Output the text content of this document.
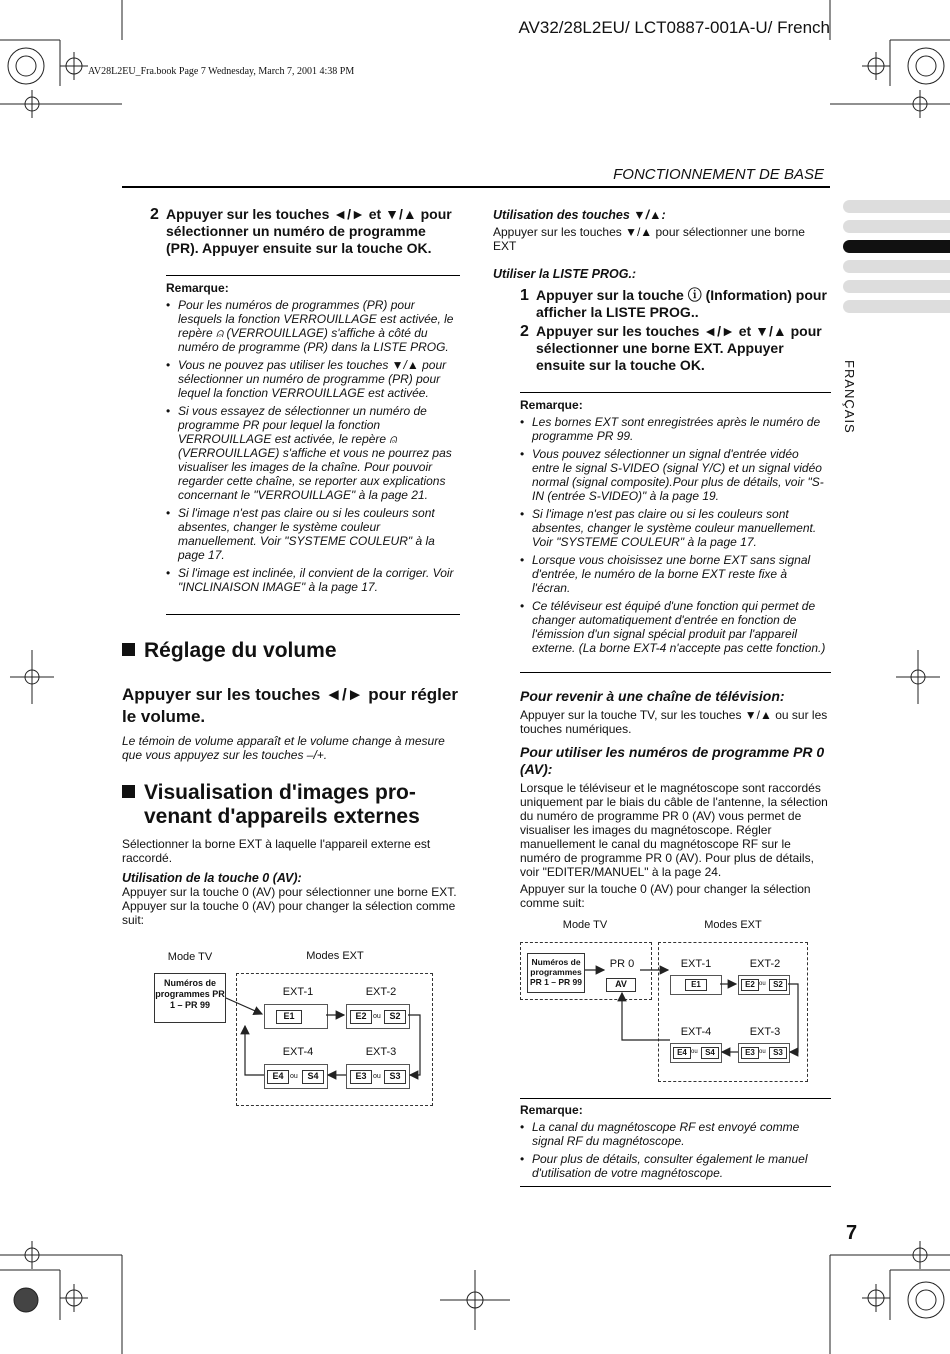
AV32/28L2EU/ LCT0887-001A-U/ French
AV28L2EU_Fra.book Page 7 Wednesday, March 7, 2001 4:38 PM
FONCTIONNEMENT DE BASE
FRANÇAIS
2 Appuyer sur les touches ◄/► et ▼/▲ pour sélectionner un numéro de programme (PR). Appuyer ensuite sur la touche OK.
Remarque:
• Pour les numéros de programmes (PR) pour lesquels la fonction VERROUILLAGE est activée, le repère ⍝ (VERROUILLAGE) s'affiche à côté du numéro de programme (PR) dans la LISTE PROG.
• Vous ne pouvez pas utiliser les touches ▼/▲ pour sélectionner un numéro de programme (PR) pour lequel la fonction VERROUILLAGE est activée.
• Si vous essayez de sélectionner un numéro de programme PR pour lequel la fonction VERROUILLAGE est activée, le repère ⍝ (VERROUILLAGE) s'affiche et vous ne pourrez pas visualiser les images de la chaîne. Pour pouvoir regarder cette chaîne, se reporter aux explications concernant le "VERROUILLAGE" à la page 21.
• Si l'image n'est pas claire ou si les couleurs sont absentes, changer le système couleur manuellement. Voir "SYSTEME COULEUR" à la page 17.
• Si l'image est inclinée, il convient de la corriger. Voir "INCLINAISON IMAGE" à la page 17.
Réglage du volume
Appuyer sur les touches ◄/► pour régler le volume.
Le témoin de volume apparaît et le volume change à mesure que vous appuyez sur les touches –/+.
Visualisation d'images pro-
venant d'appareils externes
Sélectionner la borne EXT à laquelle l'appareil externe est raccordé.
Utilisation de la touche 0 (AV):
Appuyer sur la touche 0 (AV) pour sélectionner une borne EXT.
Appuyer sur la touche 0 (AV) pour changer la sélection comme suit:
Mode TV	Modes EXT
Numéros de programmes PR 1 – PR 99
EXT-1	EXT-2
E1	E2 ou S2
EXT-4	EXT-3
E4 ou	S4	E3 ou S3
Utilisation des touches ▼/▲:
Appuyer sur les touches ▼/▲ pour sélectionner une borne EXT
Utiliser la LISTE PROG.:
1 Appuyer sur la touche ⓘ (Information) pour afficher la LISTE PROG..
2 Appuyer sur les touches ◄/► et ▼/▲ pour sélectionner une borne EXT. Appuyer ensuite sur la touche OK.
Remarque:
• Les bornes EXT sont enregistrées après le numéro de programme PR 99.
• Vous pouvez sélectionner un signal d'entrée vidéo entre le signal S-VIDEO (signal Y/C) et un signal vidéo normal (signal composite).Pour plus de détails, voir "S-IN (entrée S-VIDEO)" à la page 19.
• Si l'image n'est pas claire ou si les couleurs sont absentes, changer le système couleur manuellement. Voir "SYSTEME COULEUR" à la page 17.
• Lorsque vous choisissez une borne EXT sans signal d'entrée, le numéro de la borne EXT reste fixe à l'écran.
• Ce téléviseur est équipé d'une fonction qui permet de changer automatiquement d'entrée en fonction de l'émission d'un signal spécial produit par l'appareil externe. (La borne EXT-4 n'accepte pas cette fonction.)
Pour revenir à une chaîne de télévision:
Appuyer sur la touche TV, sur les touches ▼/▲ ou sur les touches numériques.
Pour utiliser les numéros de programme PR 0 (AV):
Lorsque le téléviseur et le magnétoscope sont raccordés uniquement par le biais du câble de l'antenne, la sélection du numéro de programme PR 0 (AV) vous permet de visualiser les images du magnétoscope. Régler manuellement le canal du magnétoscope RF sur le numéro de programme PR 0 (AV). Pour plus de détails, voir "EDITER/MANUEL" à la page 24.
Appuyer sur la touche 0 (AV) pour changer la sélection comme suit:
Mode TV	Modes EXT
Numéros de programmes PR 1 – PR 99
PR 0
AV
EXT-1	EXT-2
E1	E2 ou S2
EXT-4	EXT-3
E4 ou S4	E3 ou S3
Remarque:
• La canal du magnétoscope RF est envoyé comme signal RF du magnétoscope.
• Pour plus de détails, consulter également le manuel d'utilisation de votre magnétoscope.
7
